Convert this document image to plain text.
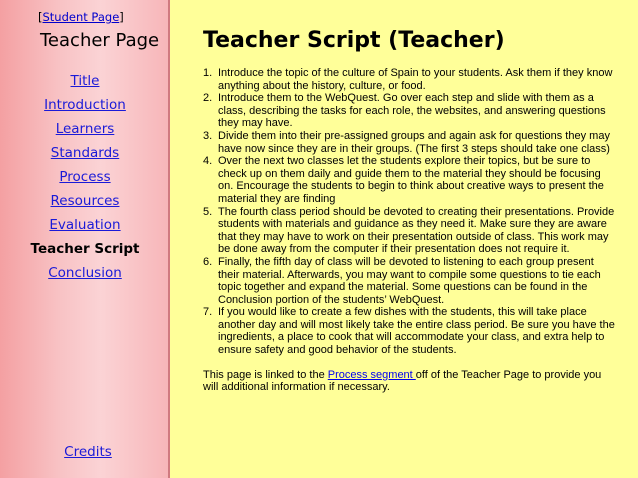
[Student Page]
Teacher Page
Title
Introduction
Learners
Standards
Process
Resources
Evaluation
Teacher Script
Conclusion
Credits
Teacher Script (Teacher)
1. Introduce the topic of the culture of Spain to your students. Ask them if they know anything about the history, culture, or food.
2. Introduce them to the WebQuest. Go over each step and slide with them as a class, describing the tasks for each role, the websites, and answering questions they may have.
3. Divide them into their pre-assigned groups and again ask for questions they may have now since they are in their groups. (The first 3 steps should take one class)
4. Over the next two classes let the students explore their topics, but be sure to check up on them daily and guide them to the material they should be focusing on. Encourage the students to begin to think about creative ways to present the material they are finding
5. The fourth class period should be devoted to creating their presentations. Provide students with materials and guidance as they need it. Make sure they are aware that they may have to work on their presentation outside of class. This work may be done away from the computer if their presentation does not require it.
6. Finally, the fifth day of class will be devoted to listening to each group present their material. Afterwards, you may want to compile some questions to tie each topic together and expand the material. Some questions can be found in the Conclusion portion of the students’ WebQuest.
7. If you would like to create a few dishes with the students, this will take place another day and will most likely take the entire class period. Be sure you have the ingredients, a place to cook that will accommodate your class, and extra help to ensure safety and good behavior of the students.

This page is linked to the Process segment off of the Teacher Page to provide you will additional information if necessary.
